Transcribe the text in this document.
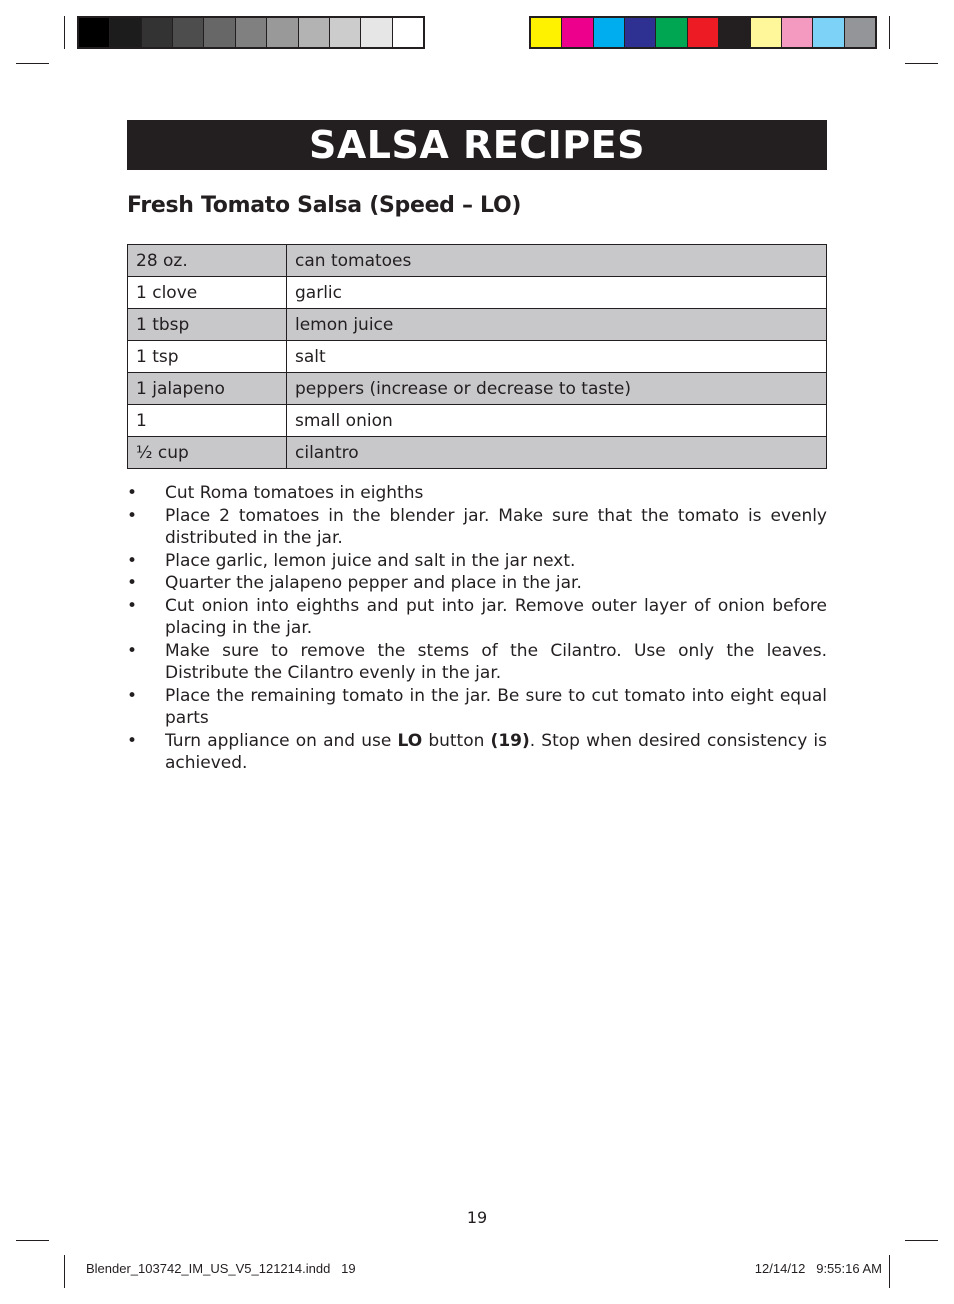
SALSA RECIPES
Fresh Tomato Salsa (Speed – LO)
28 oz.	can tomatoes
1 clove	garlic
1 tbsp	lemon juice
1 tsp	salt
1 jalapeno	peppers (increase or decrease to taste)
1	small onion
½ cup	cilantro
• Cut Roma tomatoes in eighths
• Place 2 tomatoes in the blender jar. Make sure that the tomato is evenly distributed in the jar.
• Place garlic, lemon juice and salt in the jar next.
• Quarter the jalapeno pepper and place in the jar.
• Cut onion into eighths and put into jar. Remove outer layer of onion before placing in the jar.
• Make sure to remove the stems of the Cilantro. Use only the leaves. Distribute the Cilantro evenly in the jar.
• Place the remaining tomato in the jar. Be sure to cut tomato into eight equal parts
• Turn appliance on and use LO button (19). Stop when desired consistency is achieved.
19
Blender_103742_IM_US_V5_121214.indd   19	12/14/12   9:55:16 AM
